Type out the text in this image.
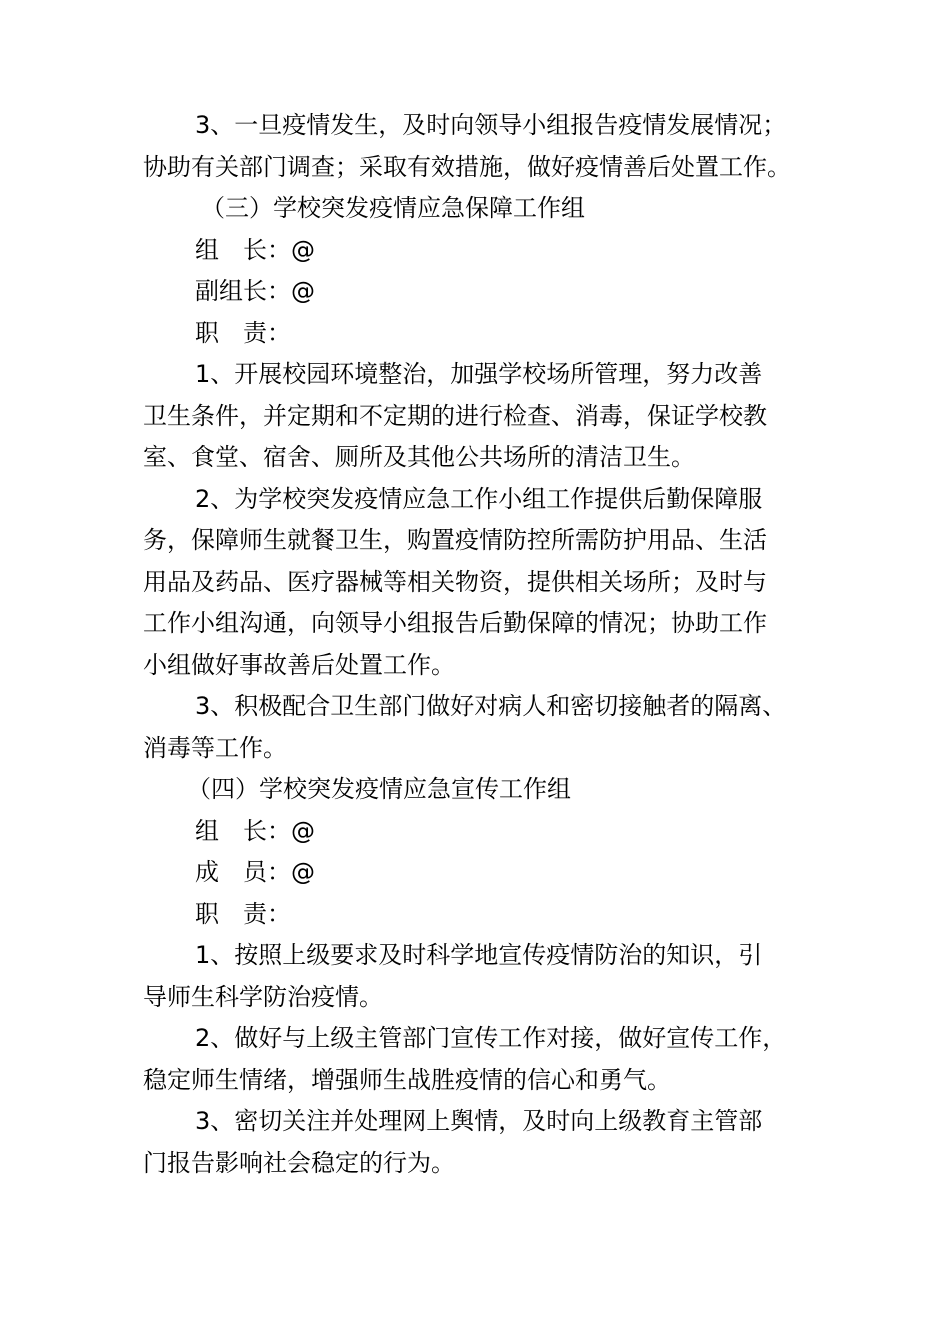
3、一旦疫情发生，及时向领导小组报告疫情发展情况；

协助有关部门调查；采取有效措施，做好疫情善后处置工作。

（三）学校突发疫情应急保障工作组

组　长：@

副组长：@

职　责：

1、开展校园环境整治，加强学校场所管理，努力改善

卫生条件，并定期和不定期的进行检查、消毒，保证学校教

室、食堂、宿舍、厕所及其他公共场所的清洁卫生。

2、为学校突发疫情应急工作小组工作提供后勤保障服

务，保障师生就餐卫生，购置疫情防控所需防护用品、生活

用品及药品、医疗器械等相关物资，提供相关场所；及时与

工作小组沟通，向领导小组报告后勤保障的情况；协助工作

小组做好事故善后处置工作。

3、积极配合卫生部门做好对病人和密切接触者的隔离、

消毒等工作。

（四）学校突发疫情应急宣传工作组

组　长：@

成　员：@

职　责：

1、按照上级要求及时科学地宣传疫情防治的知识，引

导师生科学防治疫情。

2、做好与上级主管部门宣传工作对接，做好宣传工作，

稳定师生情绪，增强师生战胜疫情的信心和勇气。

3、密切关注并处理网上舆情，及时向上级教育主管部

门报告影响社会稳定的行为。
